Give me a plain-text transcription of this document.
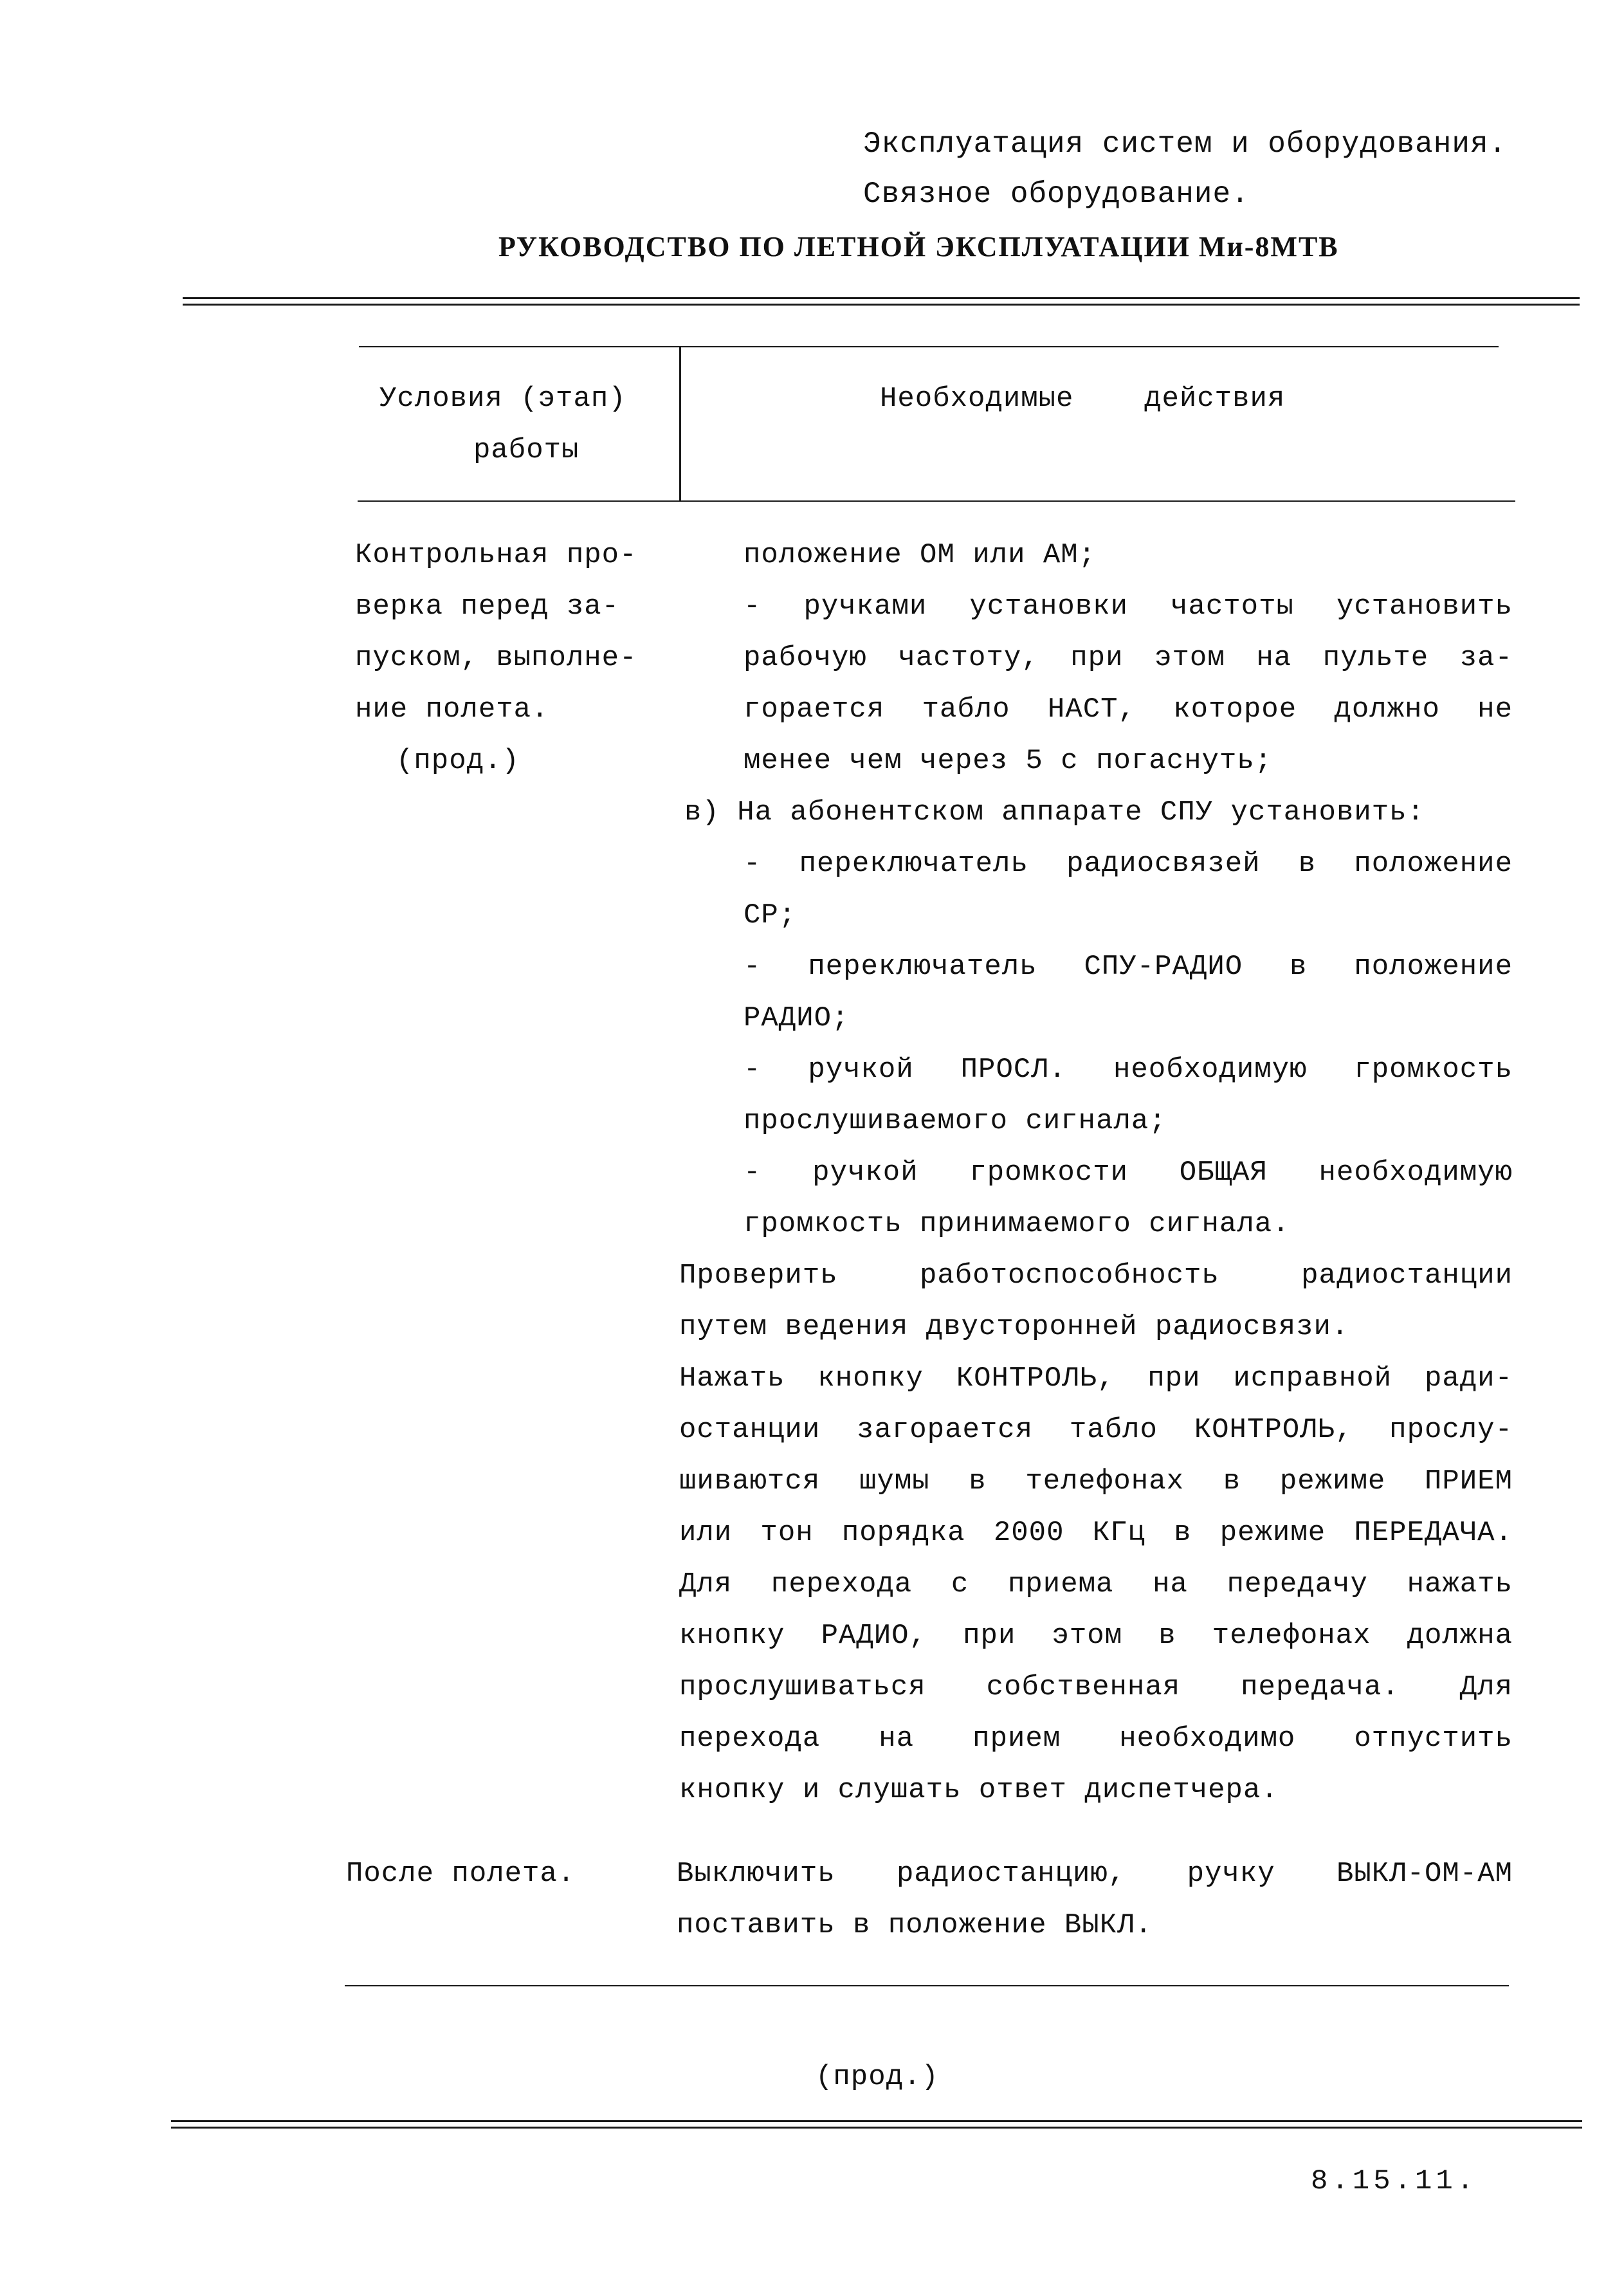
Эксплуатация систем и оборудования.
Связное оборудование.
РУКОВОДСТВО ПО ЛЕТНОЙ ЭКСПЛУАТАЦИИ Ми-8МТВ
Условия (этап)
работы
Необходимые    действия
Контрольная про-
верка перед за-
пуском, выполне-
ние полета.
(прод.)
положение ОМ или АМ;
- ручками установки частоты установить
рабочую частоту, при этом на пульте за-
горается табло НАСТ, которое должно не
менее чем через 5 с погаснуть;
в) На абонентском аппарате СПУ установить:
- переключатель радиосвязей в положение
СР;
- переключатель СПУ-РАДИО в положение
РАДИО;
- ручкой ПРОСЛ. необходимую громкость
прослушиваемого сигнала;
- ручкой громкости ОБЩАЯ необходимую
громкость принимаемого сигнала.
Проверить работоспособность радиостанции
путем ведения двусторонней радиосвязи.
Нажать кнопку КОНТРОЛЬ, при исправной ради-
останции загорается табло КОНТРОЛЬ, прослу-
шиваются шумы в телефонах в режиме ПРИЕМ
или тон порядка 2000 КГц в режиме ПЕРЕДАЧА.
Для перехода с приема на передачу нажать
кнопку РАДИО, при этом в телефонах должна
прослушиваться собственная передача. Для
перехода на прием необходимо отпустить
кнопку и слушать ответ диспетчера.
После полета.	Выключить радиостанцию, ручку ВЫКЛ-ОМ-АМ
поставить в положение ВЫКЛ.
(прод.)
8.15.11.
